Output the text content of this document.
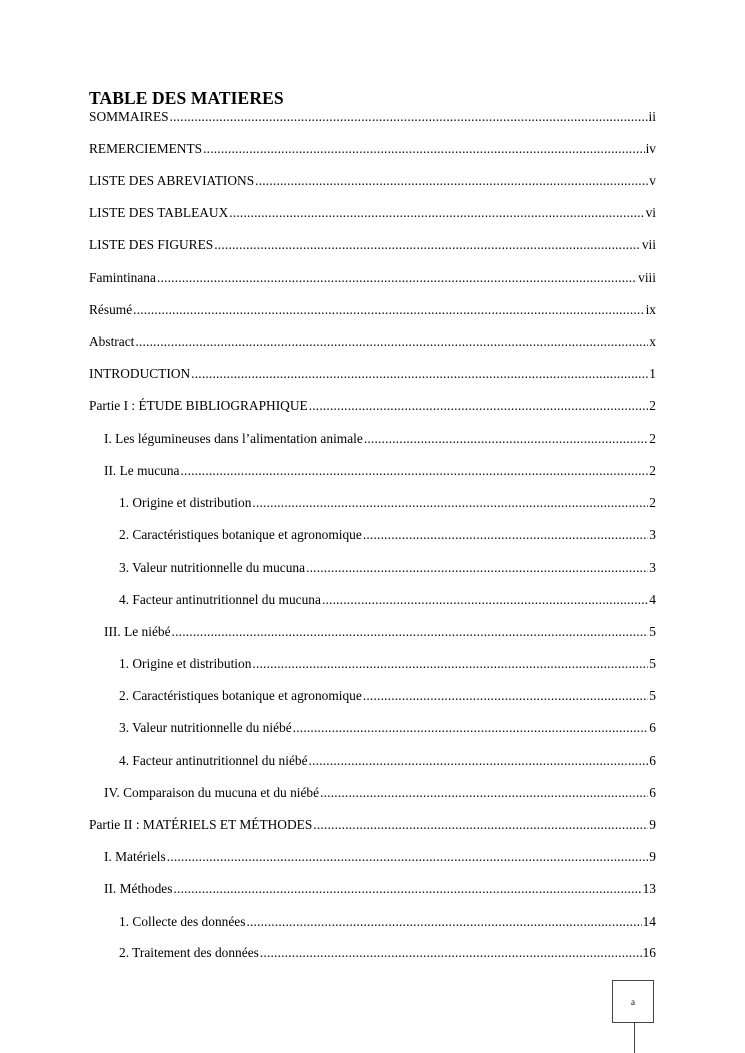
TABLE DES MATIERES
SOMMAIRES .....	ii
REMERCIEMENTS .....	iv
LISTE DES ABREVIATIONS .....	v
LISTE DES TABLEAUX .....	vi
LISTE DES FIGURES .....	vii
Famintinana .....	viii
Résumé .....	ix
Abstract .....	x
INTRODUCTION .....	1
Partie I : ÉTUDE BIBLIOGRAPHIQUE .....	2
I. Les légumineuses dans l’alimentation animale .....	2
II. Le mucuna .....	2
1. Origine et distribution .....	2
2. Caractéristiques botanique et agronomique .....	3
3. Valeur nutritionnelle du mucuna .....	3
4. Facteur antinutritionnel du mucuna .....	4
III. Le niébé .....	5
1. Origine et distribution .....	5
2. Caractéristiques botanique et agronomique .....	5
3. Valeur nutritionnelle du niébé .....	6
4. Facteur antinutritionnel du niébé .....	6
IV. Comparaison du mucuna et du niébé .....	6
Partie II : MATÉRIELS ET MÉTHODES .....	9
I. Matériels .....	9
II. Méthodes .....	13
1. Collecte des données .....	14
2. Traitement des données .....	16
a
